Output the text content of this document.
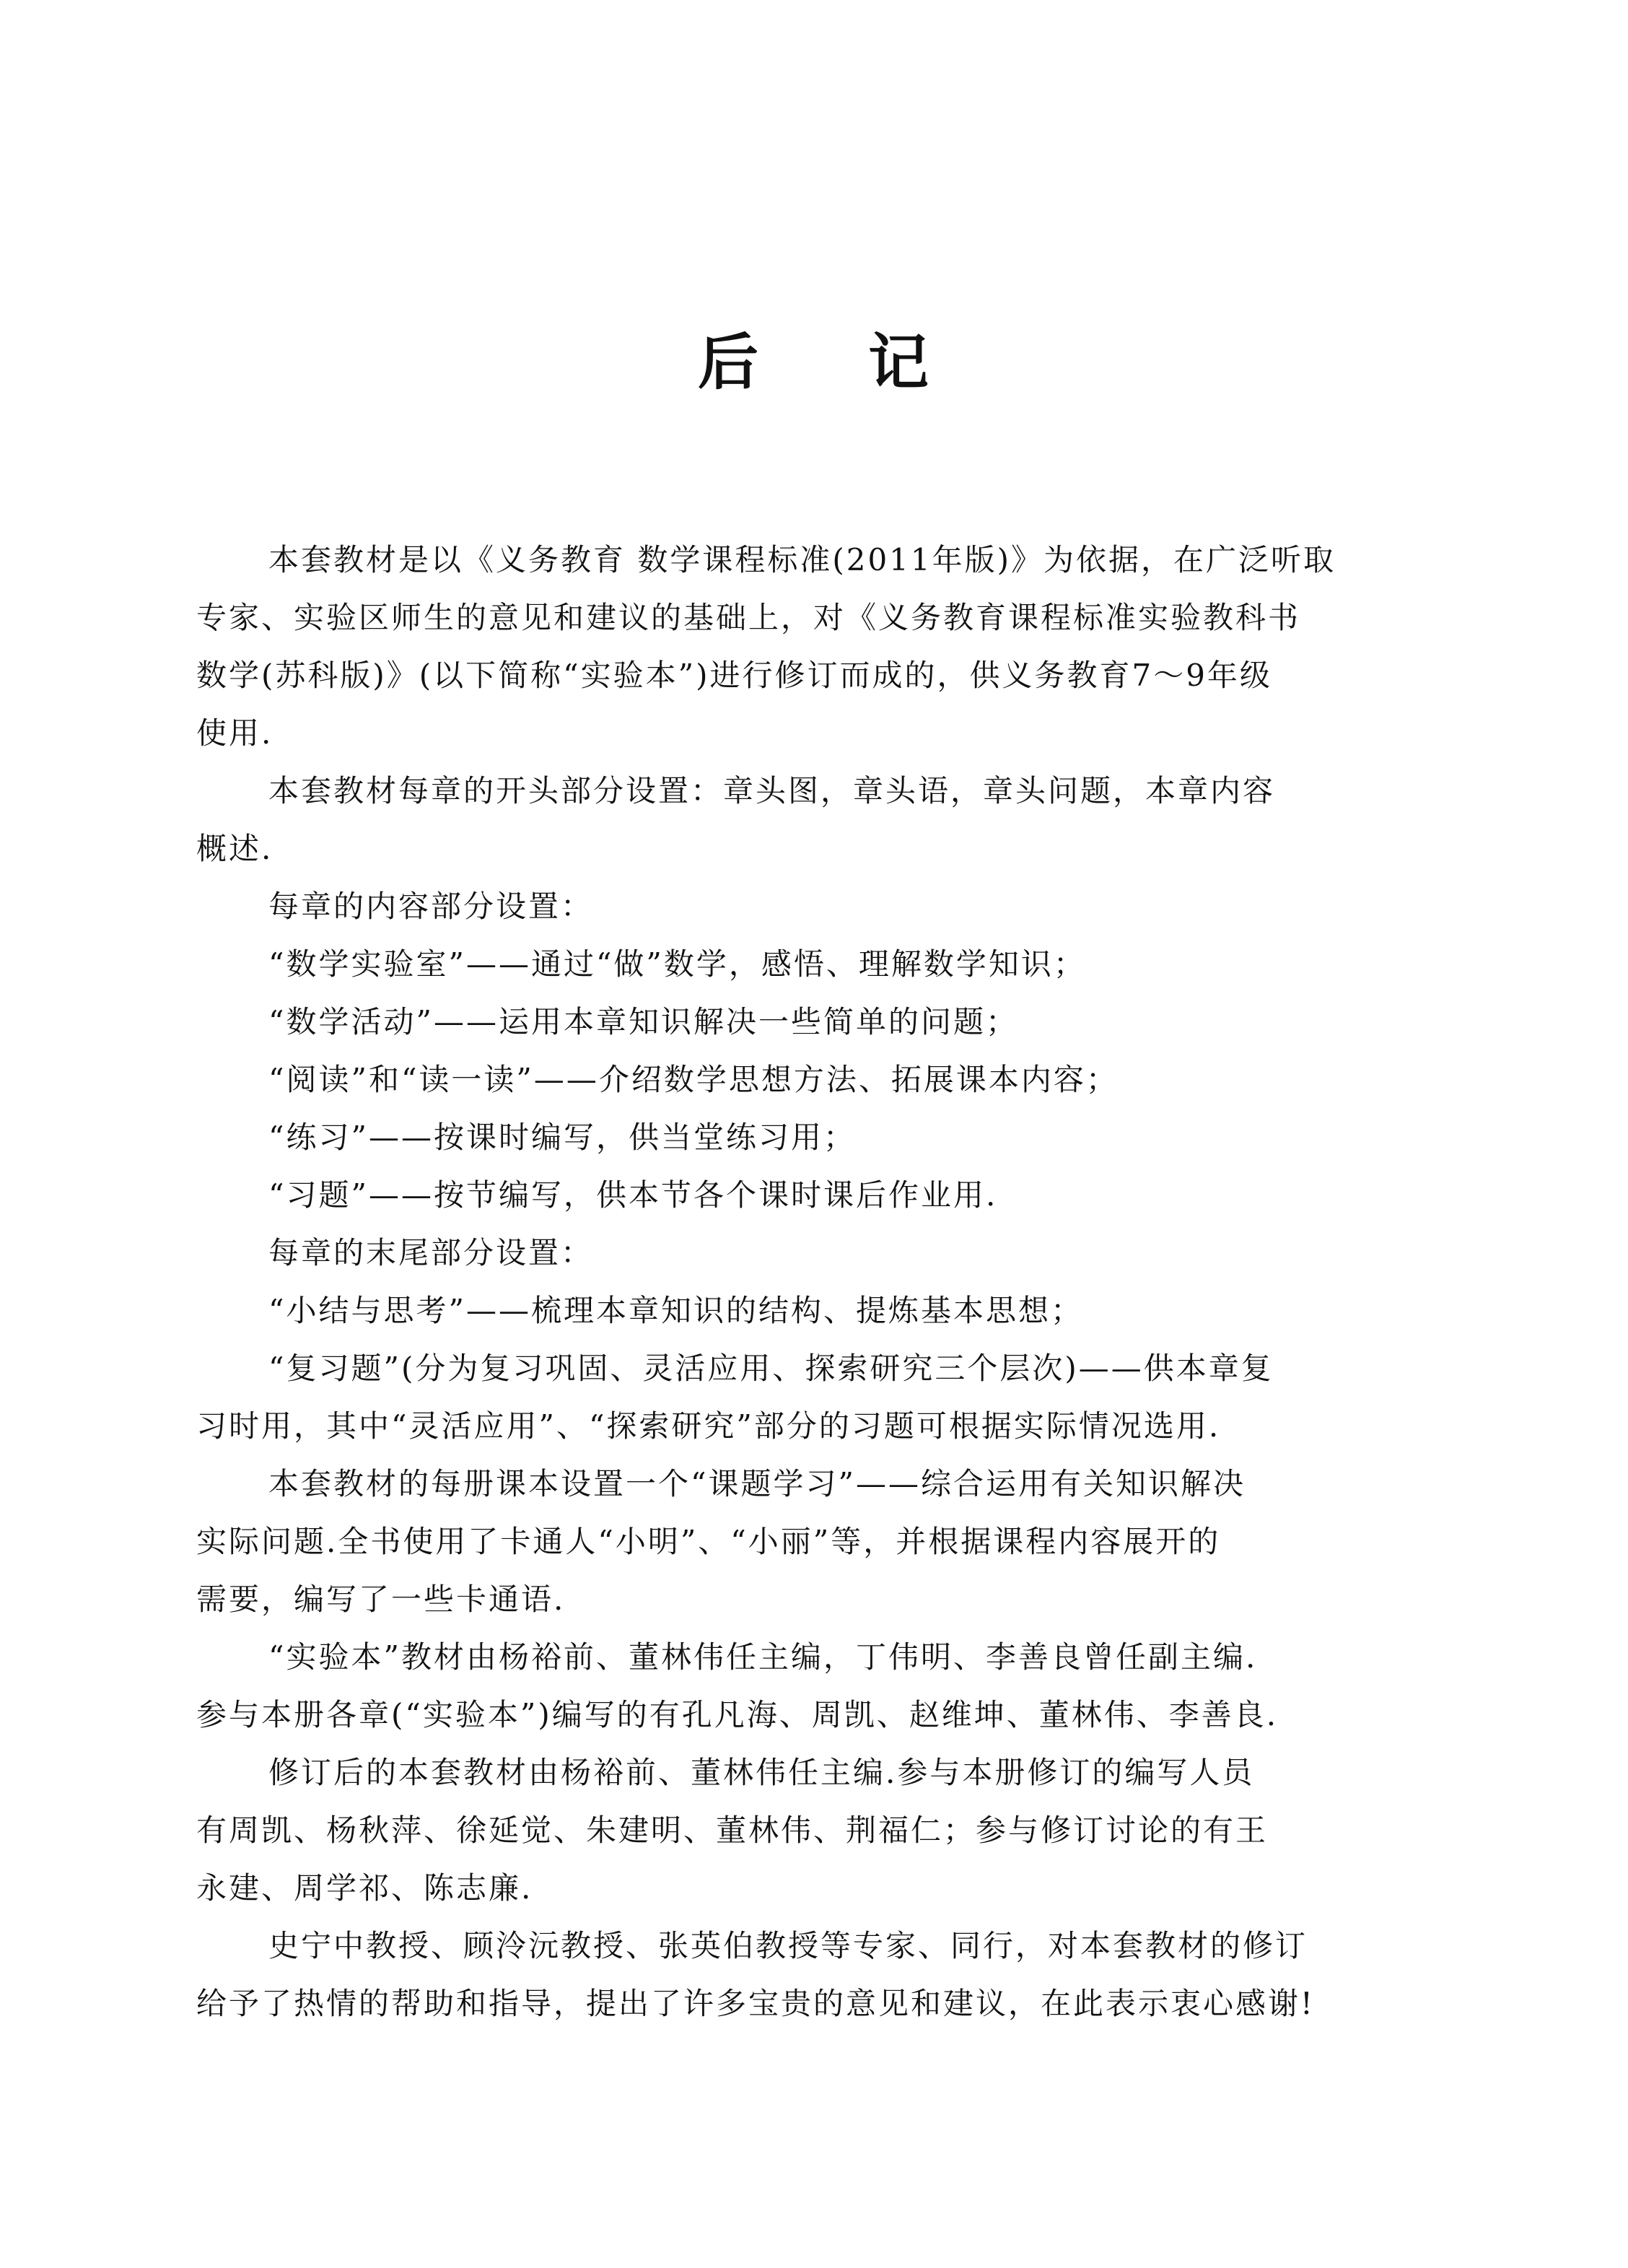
后 记

本套教材是以《义务教育 数学课程标准(2011年版)》为依据，在广泛听取

专家、实验区师生的意见和建议的基础上，对《义务教育课程标准实验教科书

数学(苏科版)》(以下简称“实验本”)进行修订而成的，供义务教育7～9年级

使用.

本套教材每章的开头部分设置：章头图，章头语，章头问题，本章内容

概述.

每章的内容部分设置：

“数学实验室”——通过“做”数学，感悟、理解数学知识；

“数学活动”——运用本章知识解决一些简单的问题；

“阅读”和“读一读”——介绍数学思想方法、拓展课本内容；

“练习”——按课时编写，供当堂练习用；

“习题”——按节编写，供本节各个课时课后作业用.

每章的末尾部分设置：

“小结与思考”——梳理本章知识的结构、提炼基本思想；

“复习题”(分为复习巩固、灵活应用、探索研究三个层次)——供本章复

习时用，其中“灵活应用”、“探索研究”部分的习题可根据实际情况选用.

本套教材的每册课本设置一个“课题学习”——综合运用有关知识解决

实际问题.全书使用了卡通人“小明”、“小丽”等，并根据课程内容展开的

需要，编写了一些卡通语.

“实验本”教材由杨裕前、董林伟任主编，丁伟明、李善良曾任副主编.

参与本册各章(“实验本”)编写的有孔凡海、周凯、赵维坤、董林伟、李善良.

修订后的本套教材由杨裕前、董林伟任主编.参与本册修订的编写人员

有周凯、杨秋萍、徐延觉、朱建明、董林伟、荆福仁；参与修订讨论的有王

永建、周学祁、陈志廉.

史宁中教授、顾泠沅教授、张英伯教授等专家、同行，对本套教材的修订

给予了热情的帮助和指导，提出了许多宝贵的意见和建议，在此表示衷心感谢!
